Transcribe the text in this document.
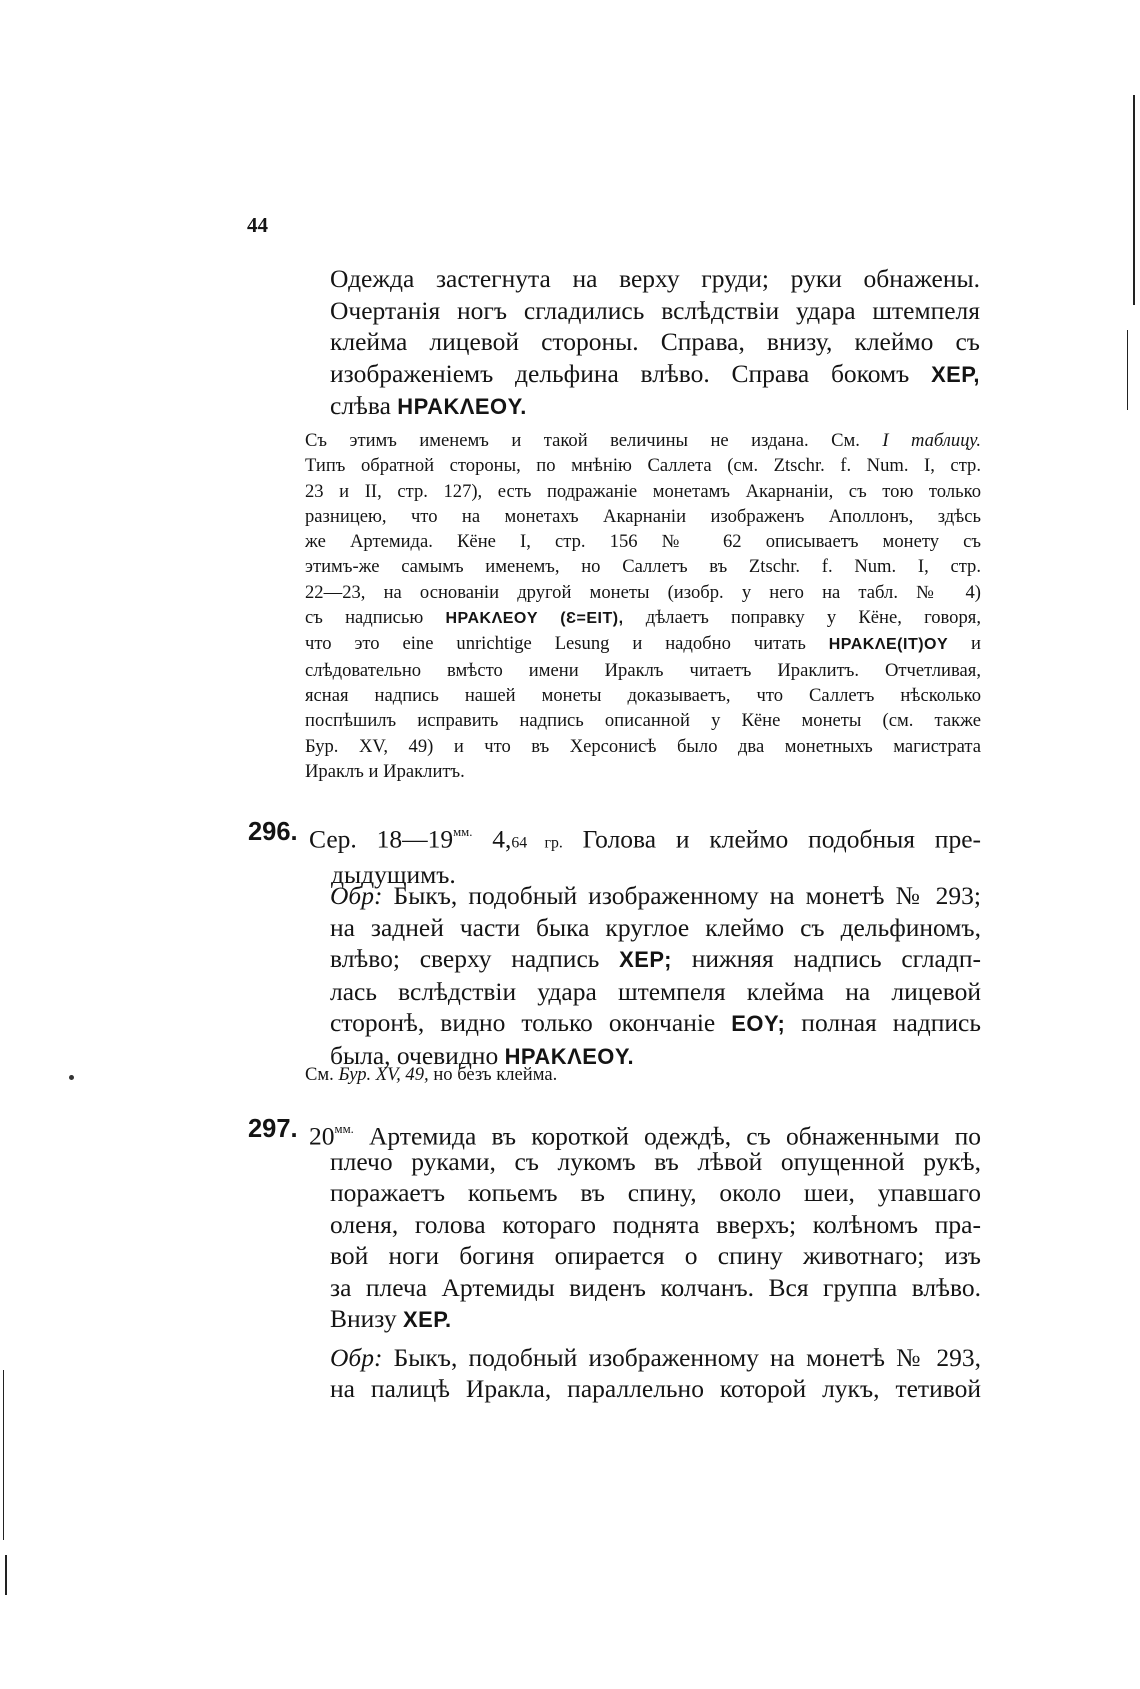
44
Одежда застегнута на верху груди; руки обнажены.
Очертанія ногъ сгладились вслѣдствіи удара штемпеля
клейма лицевой стороны. Справа, внизу, клеймо съ
изображеніемъ дельфина влѣво. Справа бокомъ ХЕР,
слѣва HPAKΛEOY.
Съ этимъ именемъ и такой величины не издана. См. I таблицу.
Типъ обратной стороны, по мнѣнію Саллета (см. Ztschr. f. Num. I, стр.
23 и II, стр. 127), есть подражаніе монетамъ Акарнаніи, съ тою только
разницею, что на монетахъ Акарнаніи изображенъ Аполлонъ, здѣсь
же Артемида. Кёне I, стр. 156 № 62 описываетъ монету съ
этимъ-же самымъ именемъ, но Саллетъ въ Ztschr. f. Num. I, стр.
22—23, на основаніи другой монеты (изобр. у него на табл. № 4)
съ надписью HPAKΛEOY (Ɛ=EIT), дѣлаетъ поправку у Кёне, говоря,
что это eine unrichtige Lesung и надобно читать HPAKΛE(IT)OY и
слѣдовательно вмѣсто имени Ираклъ читаетъ Ираклитъ. Отчетливая,
ясная надпись нашей монеты доказываетъ, что Саллетъ нѣсколько
поспѣшилъ исправить надпись описанной у Кёне монеты (см. также
Бур. XV, 49) и что въ Херсонисѣ было два монетныхъ магистрата
Ираклъ и Ираклитъ.
296. Сер. $18—19^{мм.}$ 4,64 гр. Голова и клеймо подобныя пре-
дыдущимъ.
Обр: Быкъ, подобный изображенному на монетѣ № 293;
на задней части быка круглое клеймо съ дельфиномъ,
влѣво; сверху надпись ХЕР; нижняя надпись сгладп-
лась вслѣдствіи удара штемпеля клейма на лицевой
сторонѣ, видно только окончаніе EOY; полная надпись
была, очевидно HPAKΛEOY.
См. Бур. XV, 49, но безъ клейма.
297. $20^{мм.}$ Артемида въ короткой одеждѣ, съ обнаженными по
плечо руками, съ лукомъ въ лѣвой опущенной рукѣ,
поражаетъ копьемъ въ спину, около шеи, упавшаго
оленя, голова котораго поднята вверхъ; колѣномъ пра-
вой ноги богиня опирается о спину животнаго; изъ
за плеча Артемиды виденъ колчанъ. Вся группа влѣво.
Внизу ХЕР.
Обр: Быкъ, подобный изображенному на монетѣ № 293,
на палицѣ Иракла, параллельно которой лукъ, тетивой
